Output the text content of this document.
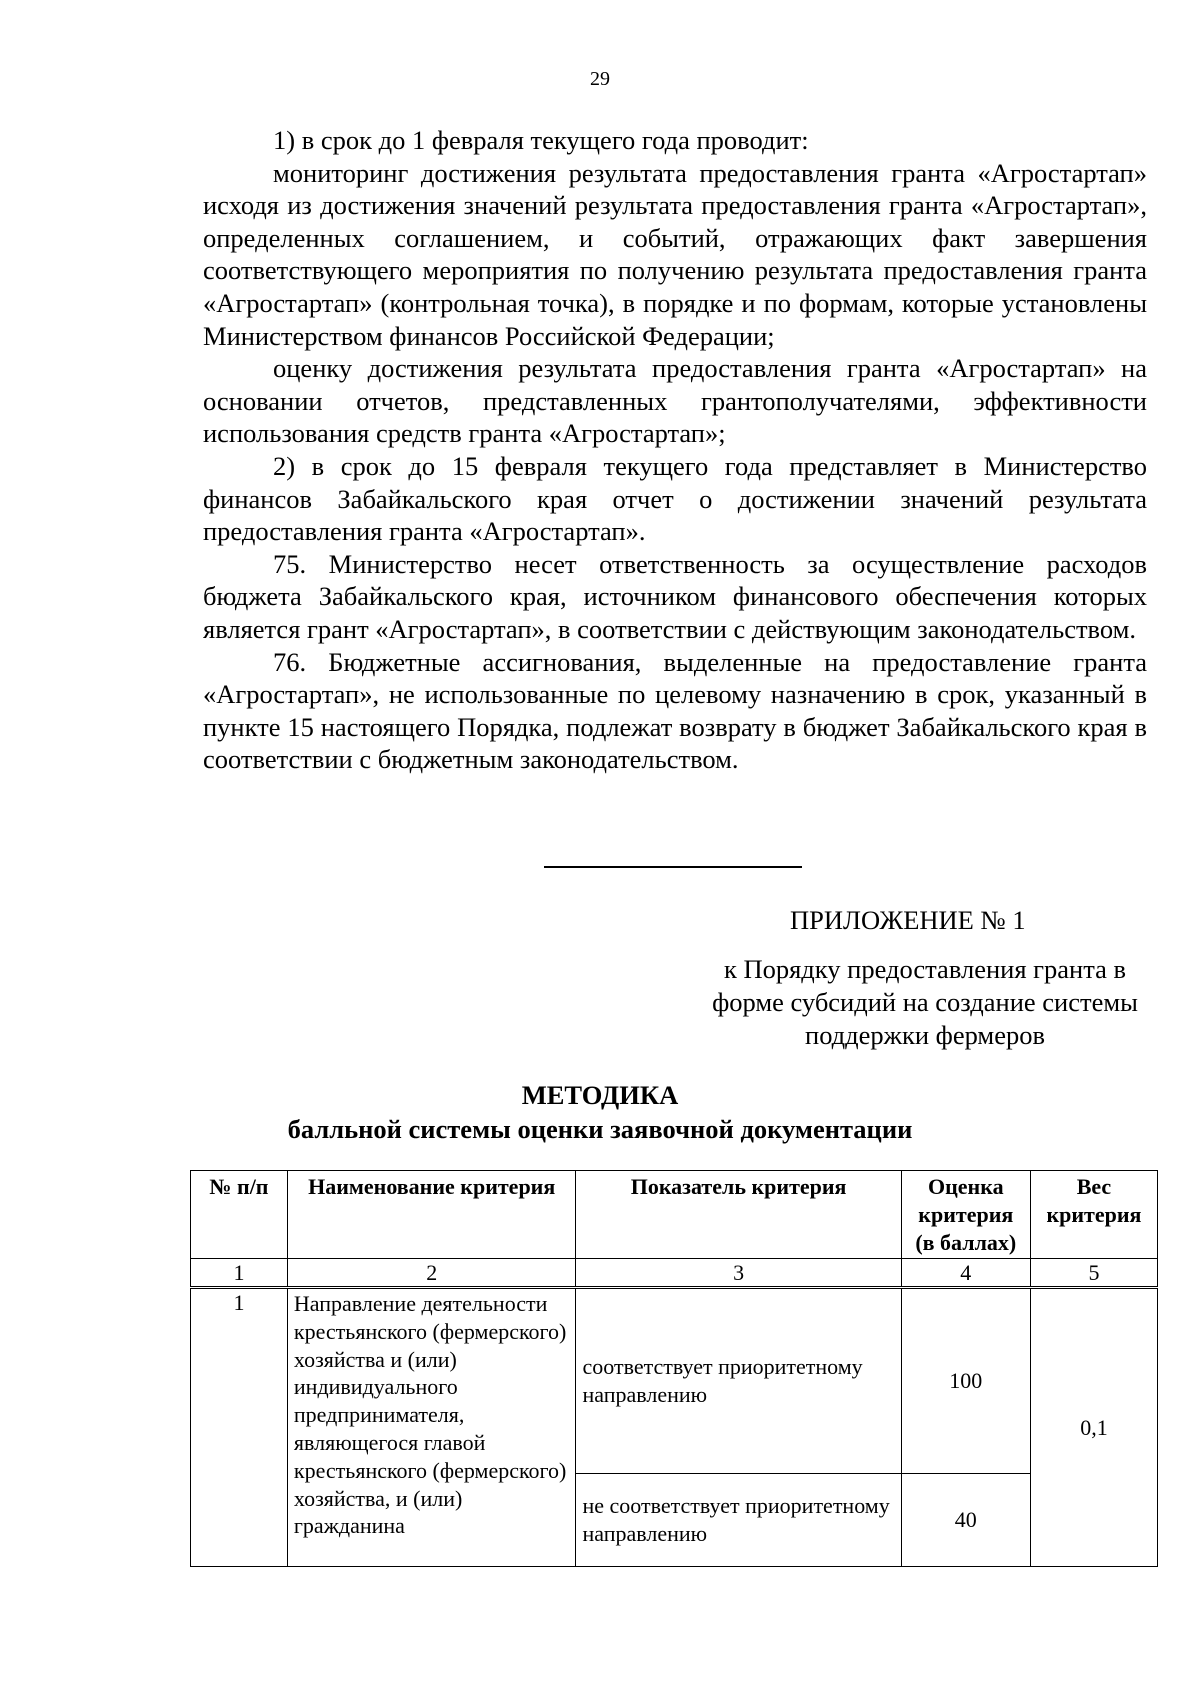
29

1) в срок до 1 февраля текущего года проводит:

мониторинг достижения результата предоставления гранта «Агростартап» исходя из достижения значений результата предоставления гранта «Агростартап», определенных соглашением, и событий, отражающих факт завершения соответствующего мероприятия по получению результата предоставления гранта «Агростартап» (контрольная точка), в порядке и по формам, которые установлены Министерством финансов Российской Федерации;

оценку достижения результата предоставления гранта «Агростартап» на основании отчетов, представленных грантополучателями, эффективности использования средств гранта «Агростартап»;

2) в срок до 15 февраля текущего года представляет в Министерство финансов Забайкальского края отчет о достижении значений результата предоставления гранта «Агростартап».

75. Министерство несет ответственность за осуществление расходов бюджета Забайкальского края, источником финансового обеспечения которых является грант «Агростартап», в соответствии с действующим законодательством.

76. Бюджетные ассигнования, выделенные на предоставление гранта «Агростартап», не использованные по целевому назначению в срок, указанный в пункте 15 настоящего Порядка, подлежат возврату в бюджет Забайкальского края в соответствии с бюджетным законодательством.

ПРИЛОЖЕНИЕ № 1
к Порядку предоставления гранта в
форме субсидий на создание системы
поддержки фермеров
МЕТОДИКА
балльной системы оценки заявочной документации
№ п/п	Наименование критерия	Показатель критерия	Оценка критерия (в баллах)	Вес критерия
1	2	3	4	5
1	Направление деятельности крестьянского (фермерского) хозяйства и (или) индивидуального предпринимателя, являющегося главой крестьянского (фермерского) хозяйства, и (или) гражданина	соответствует приоритетному направлению	100	0,1
		не соответствует приоритетному направлению	40	
